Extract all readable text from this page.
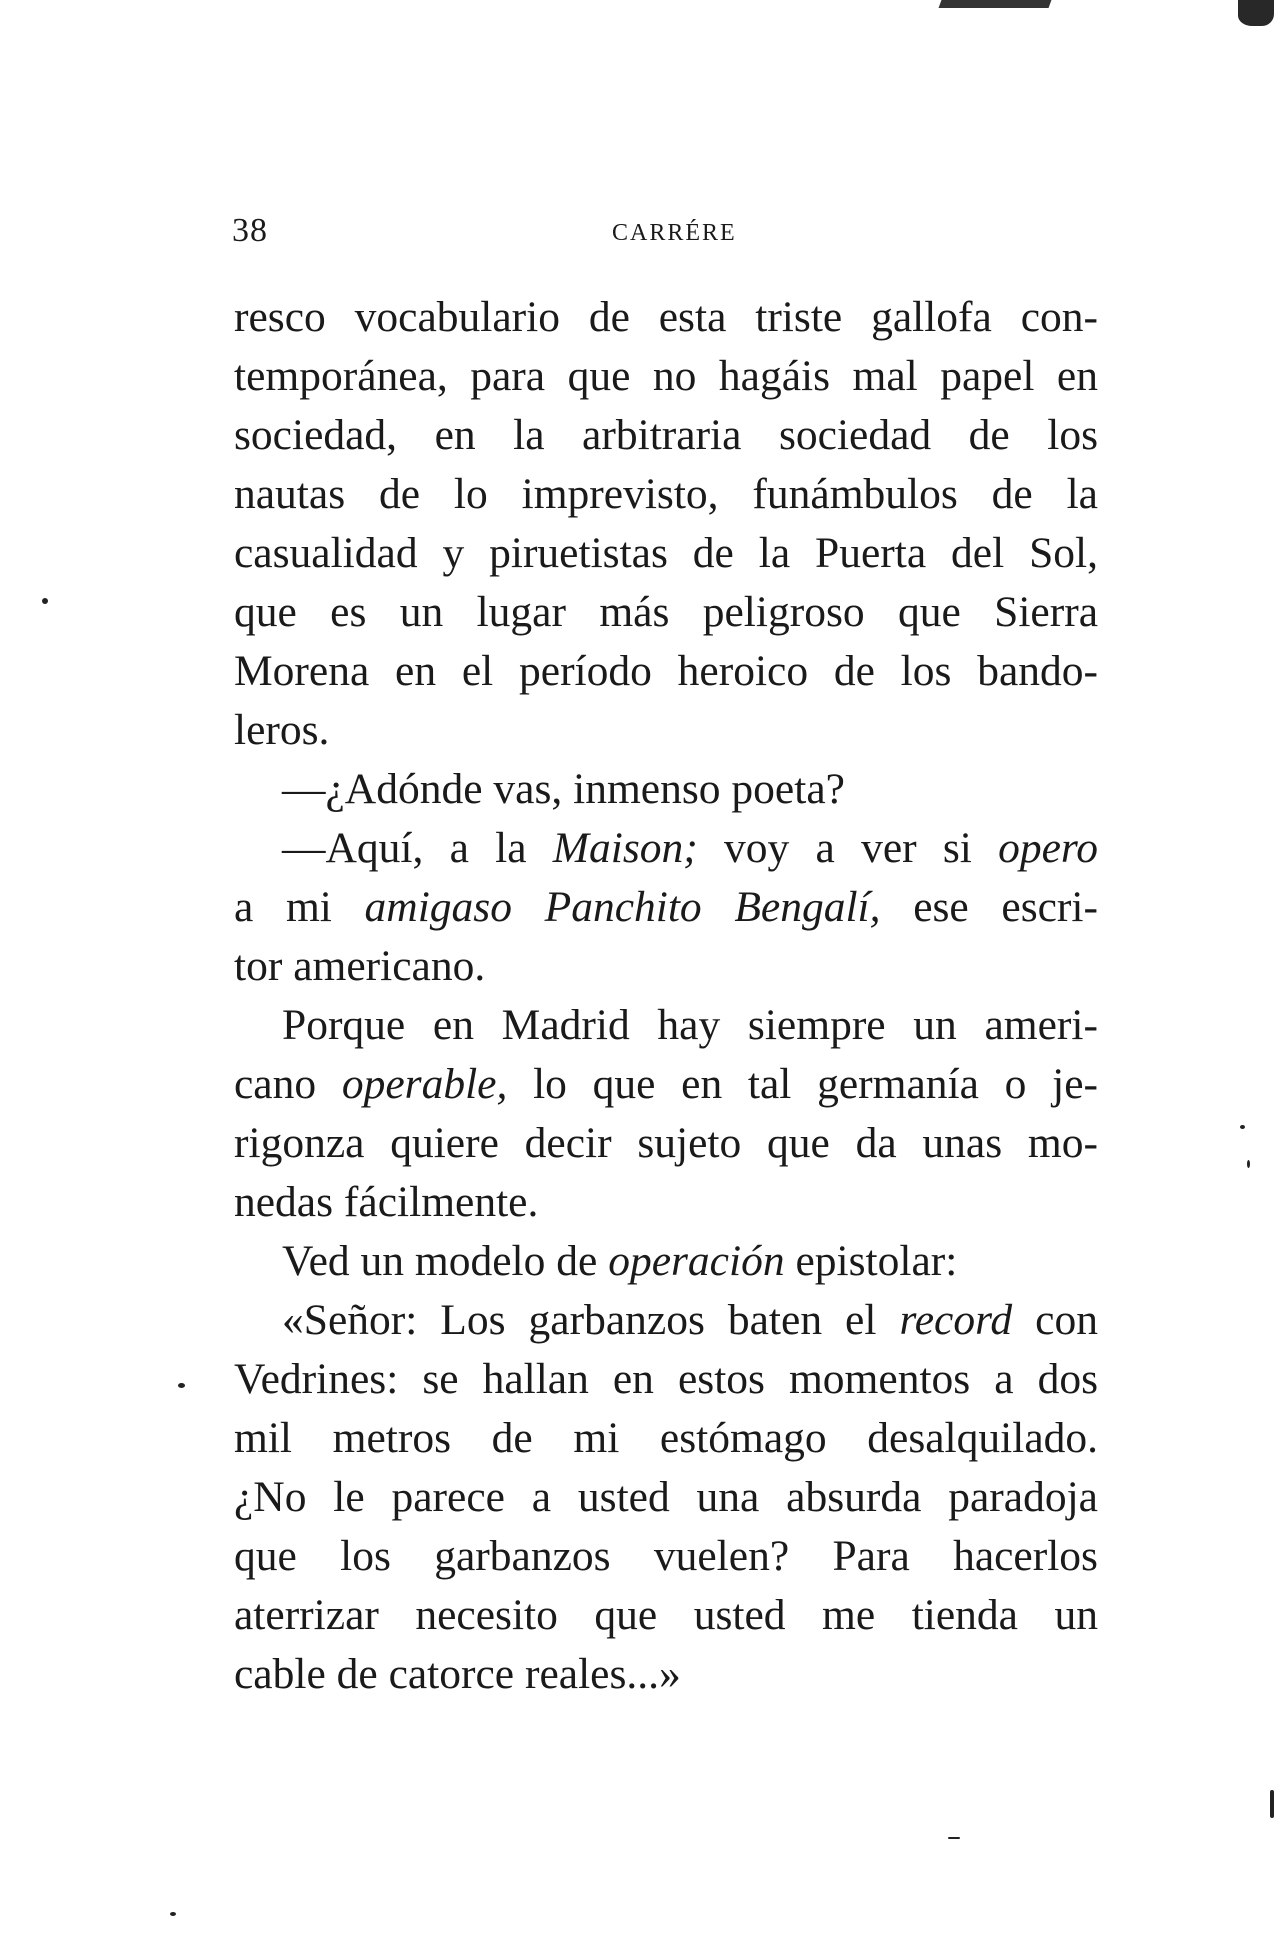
38	CARRÉRE
resco vocabulario de esta triste gallofa con-
temporánea, para que no hagáis mal papel en
sociedad, en la arbitraria sociedad de los
nautas de lo imprevisto, funámbulos de la
casualidad y piruetistas de la Puerta del Sol,
que es un lugar más peligroso que Sierra
Morena en el período heroico de los bando-
leros.
—¿Adónde vas, inmenso poeta?
—Aquí, a la Maison; voy a ver si opero
a mi amigaso Panchito Bengalí, ese escri-
tor americano.
Porque en Madrid hay siempre un ameri-
cano operable, lo que en tal germanía o je-
rigonza quiere decir sujeto que da unas mo-
nedas fácilmente.
Ved un modelo de operación epistolar:
«Señor: Los garbanzos baten el record con
Vedrines: se hallan en estos momentos a dos
mil metros de mi estómago desalquilado.
¿No le parece a usted una absurda paradoja
que los garbanzos vuelen? Para hacerlos
aterrizar necesito que usted me tienda un
cable de catorce reales...»
